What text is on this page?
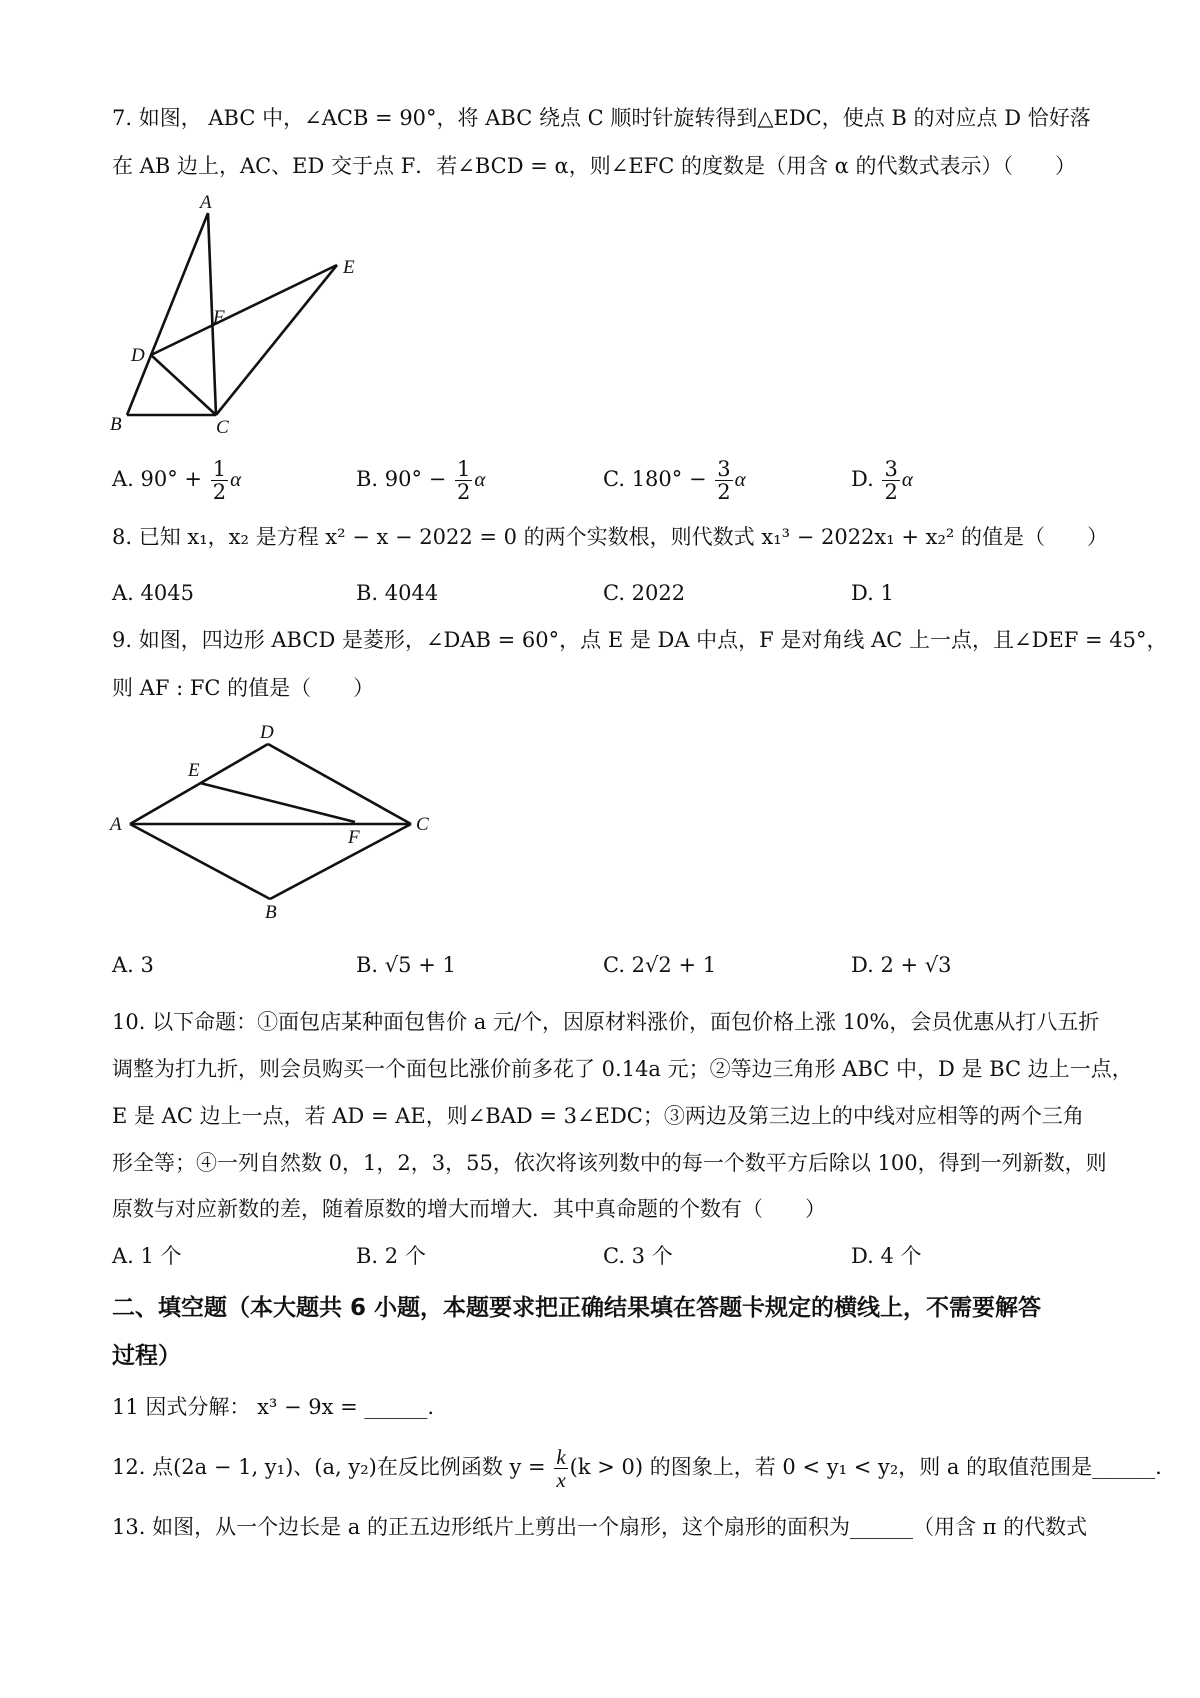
7. 如图， ABC 中，∠ACB = 90°，将 ABC 绕点 C 顺时针旋转得到△EDC，使点 B 的对应点 D 恰好落
在 AB 边上，AC、ED 交于点 F．若∠BCD = α，则∠EFC 的度数是（用含 α 的代数式表示）（　　）
A
E
F
D
B	C
A. $90^\circ + \frac{1}{2}$ α	B. $90^\circ - \frac{1}{2}$ α	C. $180^\circ - \frac{3}{2}$ α	D. $\frac{3}{2}$ α
8. 已知 x₁，x₂ 是方程 x² − x − 2022 = 0 的两个实数根，则代数式 x₁³ − 2022x₁ + x₂² 的值是（　　）
A. 4045	B. 4044	C. 2022	D. 1
9. 如图，四边形 ABCD 是菱形，∠DAB = 60°，点 E 是 DA 中点，F 是对角线 AC 上一点，且∠DEF = 45°，
则 AF : FC 的值是（　　）
D
E
A
F
C
B
A. 3	B. √5 + 1	C. 2√2 + 1	D. 2 + √3
10. 以下命题：①面包店某种面包售价 a 元/个，因原材料涨价，面包价格上涨 10%，会员优惠从打八五折
调整为打九折，则会员购买一个面包比涨价前多花了 0.14a 元；②等边三角形 ABC 中，D 是 BC 边上一点，
E 是 AC 边上一点，若 AD = AE，则∠BAD = 3∠EDC；③两边及第三边上的中线对应相等的两个三角
形全等；④一列自然数 0，1，2，3，55，依次将该列数中的每一个数平方后除以 100，得到一列新数，则
原数与对应新数的差，随着原数的增大而增大．其中真命题的个数有（　　）
A. 1 个	B. 2 个	C. 3 个	D. 4 个
二、填空题（本大题共 6 小题，本题要求把正确结果填在答题卡规定的横线上，不需要解答
过程）
11 因式分解： x³ − 9x = ______.
12. 点(2a − 1, y₁)、(a, y₂)在反比例函数 $y = \frac{k}{x} (k > 0)$ 的图象上，若 0 < y₁ < y₂，则 a 的取值范围是______.
13. 如图，从一个边长是 a 的正五边形纸片上剪出一个扇形，这个扇形的面积为______（用含 π 的代数式
